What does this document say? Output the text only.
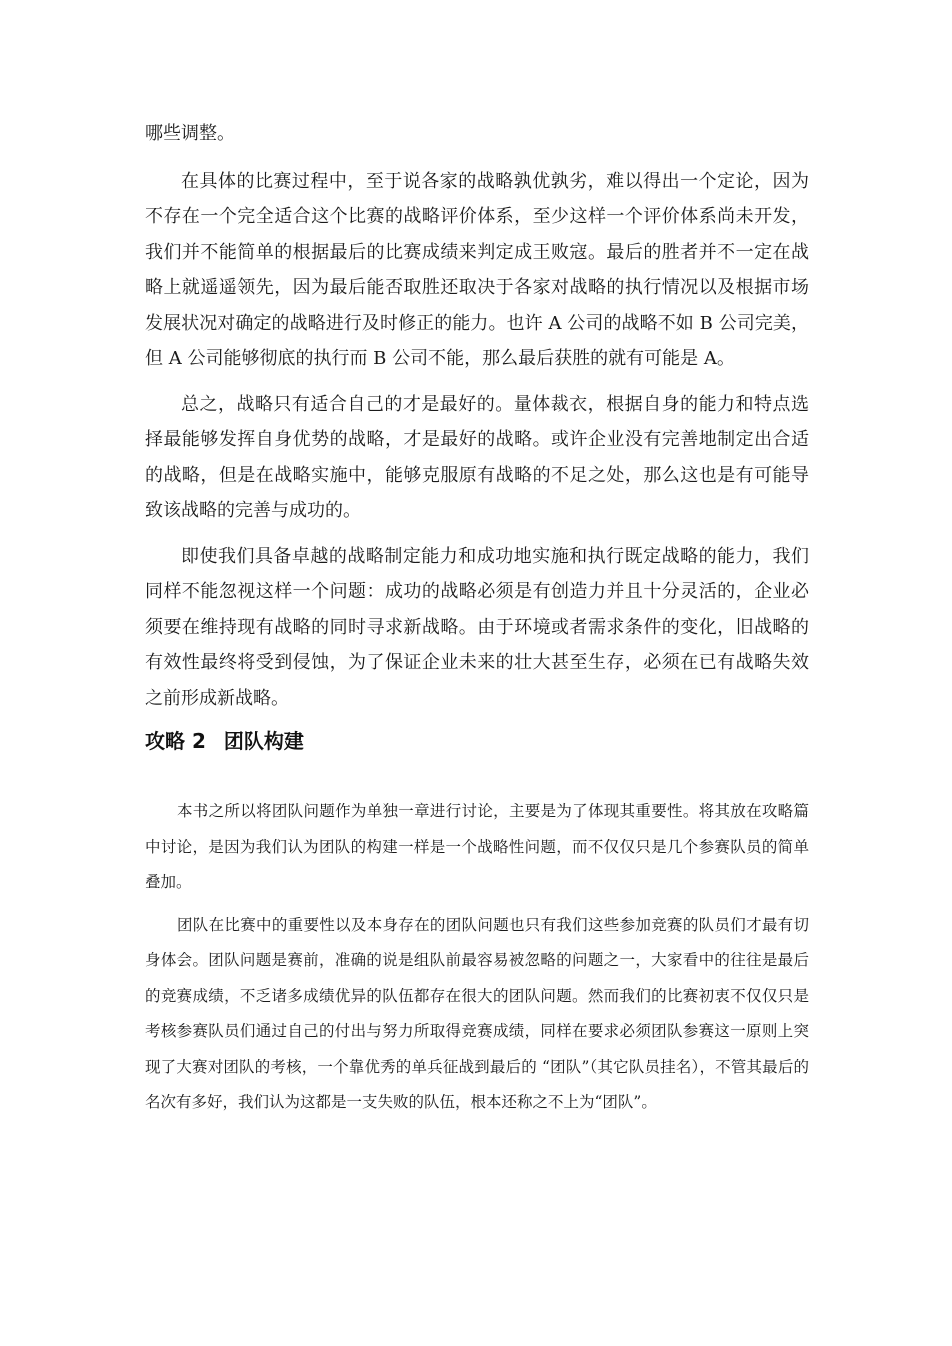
哪些调整。

在具体的比赛过程中，至于说各家的战略孰优孰劣，难以得出一个定论，因为不存在一个完全适合这个比赛的战略评价体系，至少这样一个评价体系尚未开发，我们并不能简单的根据最后的比赛成绩来判定成王败寇。最后的胜者并不一定在战略上就遥遥领先，因为最后能否取胜还取决于各家对战略的执行情况以及根据市场发展状况对确定的战略进行及时修正的能力。也许 A 公司的战略不如 B 公司完美，但 A 公司能够彻底的执行而 B 公司不能，那么最后获胜的就有可能是 A。

总之，战略只有适合自己的才是最好的。量体裁衣，根据自身的能力和特点选择最能够发挥自身优势的战略，才是最好的战略。或许企业没有完善地制定出合适的战略，但是在战略实施中，能够克服原有战略的不足之处，那么这也是有可能导致该战略的完善与成功的。

即使我们具备卓越的战略制定能力和成功地实施和执行既定战略的能力，我们同样不能忽视这样一个问题：成功的战略必须是有创造力并且十分灵活的，企业必须要在维持现有战略的同时寻求新战略。由于环境或者需求条件的变化，旧战略的有效性最终将受到侵蚀，为了保证企业未来的壮大甚至生存，必须在已有战略失效之前形成新战略。

攻略 2 团队构建

本书之所以将团队问题作为单独一章进行讨论，主要是为了体现其重要性。将其放在攻略篇中讨论，是因为我们认为团队的构建一样是一个战略性问题，而不仅仅只是几个参赛队员的简单叠加。

团队在比赛中的重要性以及本身存在的团队问题也只有我们这些参加竞赛的队员们才最有切身体会。团队问题是赛前，准确的说是组队前最容易被忽略的问题之一，大家看中的往往是最后的竞赛成绩，不乏诸多成绩优异的队伍都存在很大的团队问题。然而我们的比赛初衷不仅仅只是考核参赛队员们通过自己的付出与努力所取得竞赛成绩，同样在要求必须团队参赛这一原则上突现了大赛对团队的考核，一个靠优秀的单兵征战到最后的 “团队”（其它队员挂名），不管其最后的名次有多好，我们认为这都是一支失败的队伍，根本还称之不上为“团队”。
